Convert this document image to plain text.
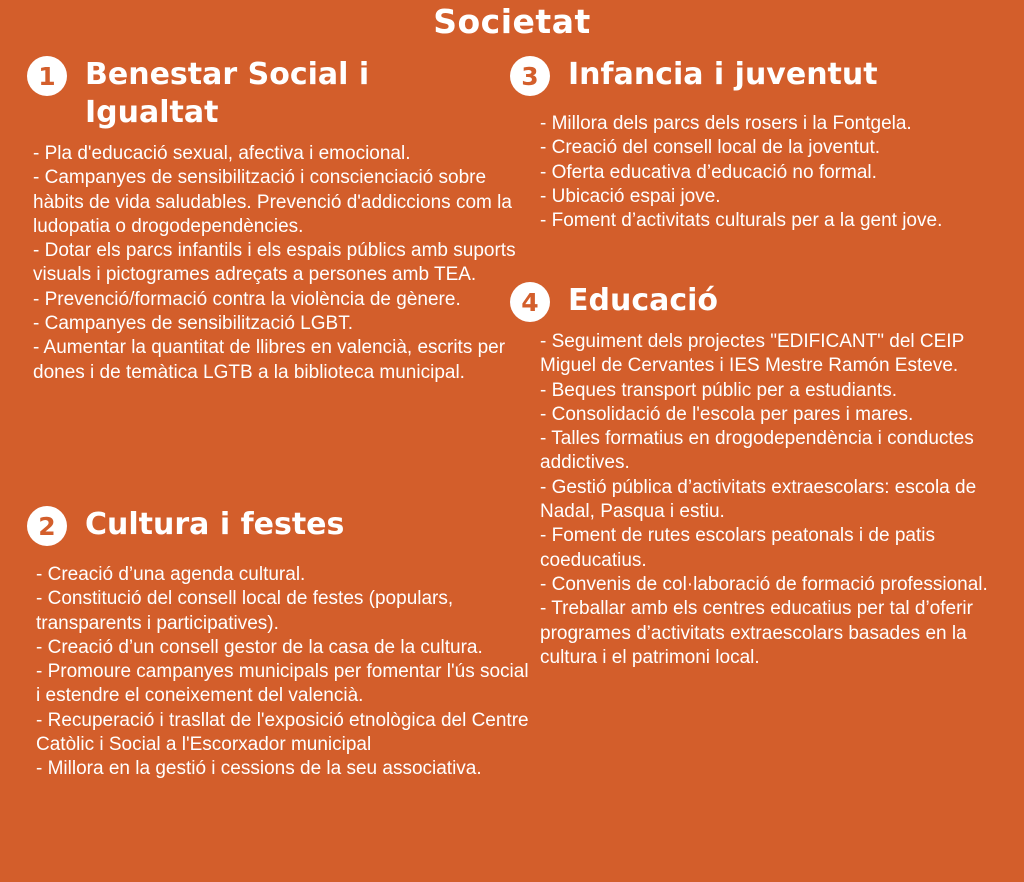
Societat
1 Benestar Social i Igualtat
- Pla d'educació sexual, afectiva i emocional.
- Campanyes de sensibilització i conscienciació sobre hàbits de vida saludables. Prevenció d'addiccions com la ludopatia o drogodependències.
- Dotar els parcs infantils i els espais públics amb suports visuals i pictogrames adreçats a persones amb TEA.
- Prevenció/formació contra la violència de gènere.
- Campanyes de sensibilització LGBT.
- Aumentar la quantitat de llibres en valencià, escrits per dones i de temàtica LGTB a la biblioteca municipal.
2 Cultura i festes
- Creació d’una agenda cultural.
- Constitució del consell local de festes (populars, transparents i participatives).
- Creació d’un consell gestor de la casa de la cultura.
- Promoure campanyes municipals per fomentar l'ús social i estendre el coneixement del valencià.
- Recuperació i trasllat de l'exposició etnològica del Centre Catòlic i Social a l'Escorxador municipal
- Millora en la gestió i cessions de la seu associativa.
3 Infancia i juventut
- Millora dels parcs dels rosers i la Fontgela.
- Creació del consell local de la joventut.
- Oferta educativa d’educació no formal.
- Ubicació espai jove.
- Foment d’activitats culturals per a la gent jove.
4 Educació
- Seguiment dels projectes "EDIFICANT" del CEIP Miguel de Cervantes i IES Mestre Ramón Esteve.
- Beques transport públic per a estudiants.
- Consolidació de l'escola per pares i mares.
- Talles formatius en drogodependència i conductes addictives.
- Gestió pública d’activitats extraescolars: escola de Nadal, Pasqua i estiu.
- Foment de rutes escolars peatonals i de patis coeducatius.
- Convenis de col·laboració de formació professional.
- Treballar amb els centres educatius per tal d’oferir programes d’activitats extraescolars basades en la cultura i el patrimoni local.
